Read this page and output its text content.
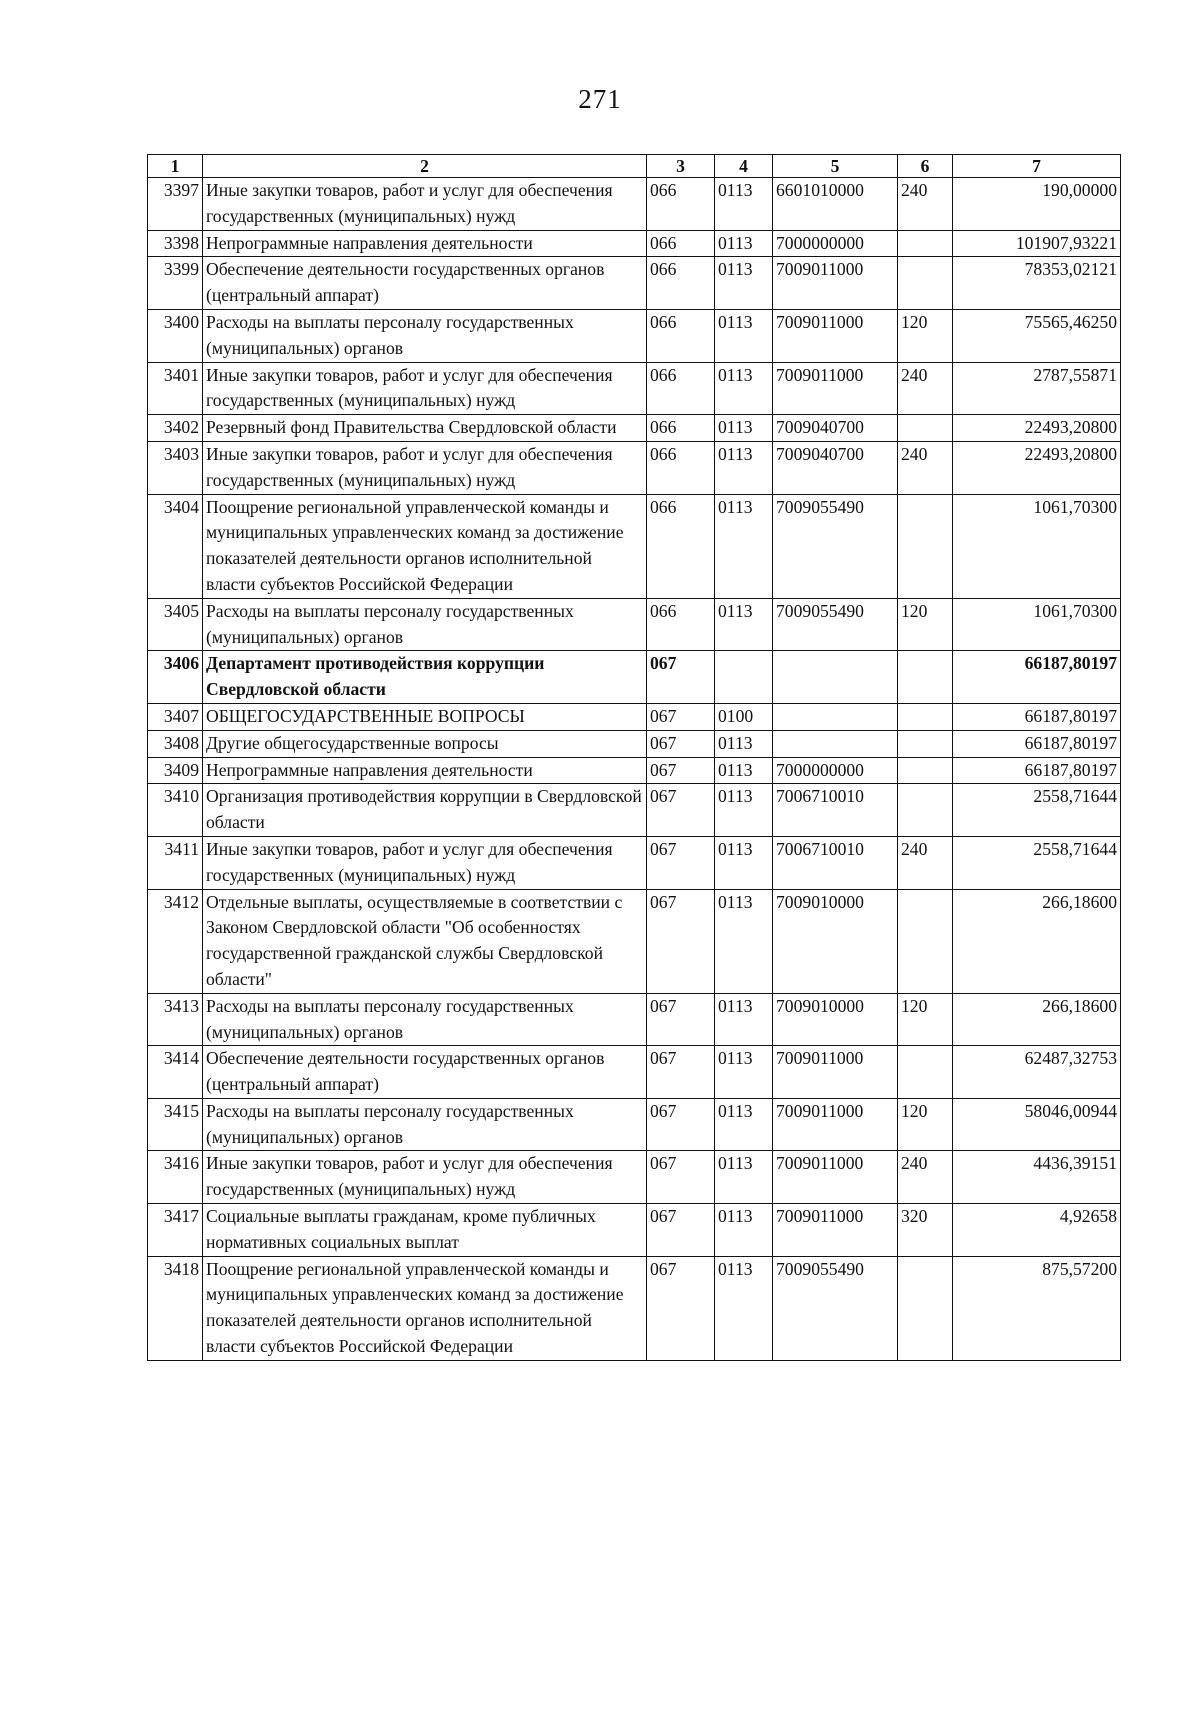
271
1	2	3	4	5	6	7
3397	Иные закупки товаров, работ и услуг для обеспечения государственных (муниципальных) нужд	066	0113	6601010000	240	190,00000
3398	Непрограммные направления деятельности	066	0113	7000000000		101907,93221
3399	Обеспечение деятельности государственных органов (центральный аппарат)	066	0113	7009011000		78353,02121
3400	Расходы на выплаты персоналу государственных (муниципальных) органов	066	0113	7009011000	120	75565,46250
3401	Иные закупки товаров, работ и услуг для обеспечения государственных (муниципальных) нужд	066	0113	7009011000	240	2787,55871
3402	Резервный фонд Правительства Свердловской области	066	0113	7009040700		22493,20800
3403	Иные закупки товаров, работ и услуг для обеспечения государственных (муниципальных) нужд	066	0113	7009040700	240	22493,20800
3404	Поощрение региональной управленческой команды и муниципальных управленческих команд за достижение показателей деятельности органов исполнительной власти субъектов Российской Федерации	066	0113	7009055490		1061,70300
3405	Расходы на выплаты персоналу государственных (муниципальных) органов	066	0113	7009055490	120	1061,70300
3406	Департамент противодействия коррупции Свердловской области	067				66187,80197
3407	ОБЩЕГОСУДАРСТВЕННЫЕ ВОПРОСЫ	067	0100			66187,80197
3408	Другие общегосударственные вопросы	067	0113			66187,80197
3409	Непрограммные направления деятельности	067	0113	7000000000		66187,80197
3410	Организация противодействия коррупции в Свердловской области	067	0113	7006710010		2558,71644
3411	Иные закупки товаров, работ и услуг для обеспечения государственных (муниципальных) нужд	067	0113	7006710010	240	2558,71644
3412	Отдельные выплаты, осуществляемые в соответствии с Законом Свердловской области "Об особенностях государственной гражданской службы Свердловской области"	067	0113	7009010000		266,18600
3413	Расходы на выплаты персоналу государственных (муниципальных) органов	067	0113	7009010000	120	266,18600
3414	Обеспечение деятельности государственных органов (центральный аппарат)	067	0113	7009011000		62487,32753
3415	Расходы на выплаты персоналу государственных (муниципальных) органов	067	0113	7009011000	120	58046,00944
3416	Иные закупки товаров, работ и услуг для обеспечения государственных (муниципальных) нужд	067	0113	7009011000	240	4436,39151
3417	Социальные выплаты гражданам, кроме публичных нормативных социальных выплат	067	0113	7009011000	320	4,92658
3418	Поощрение региональной управленческой команды и муниципальных управленческих команд за достижение показателей деятельности органов исполнительной власти субъектов Российской Федерации	067	0113	7009055490		875,57200
